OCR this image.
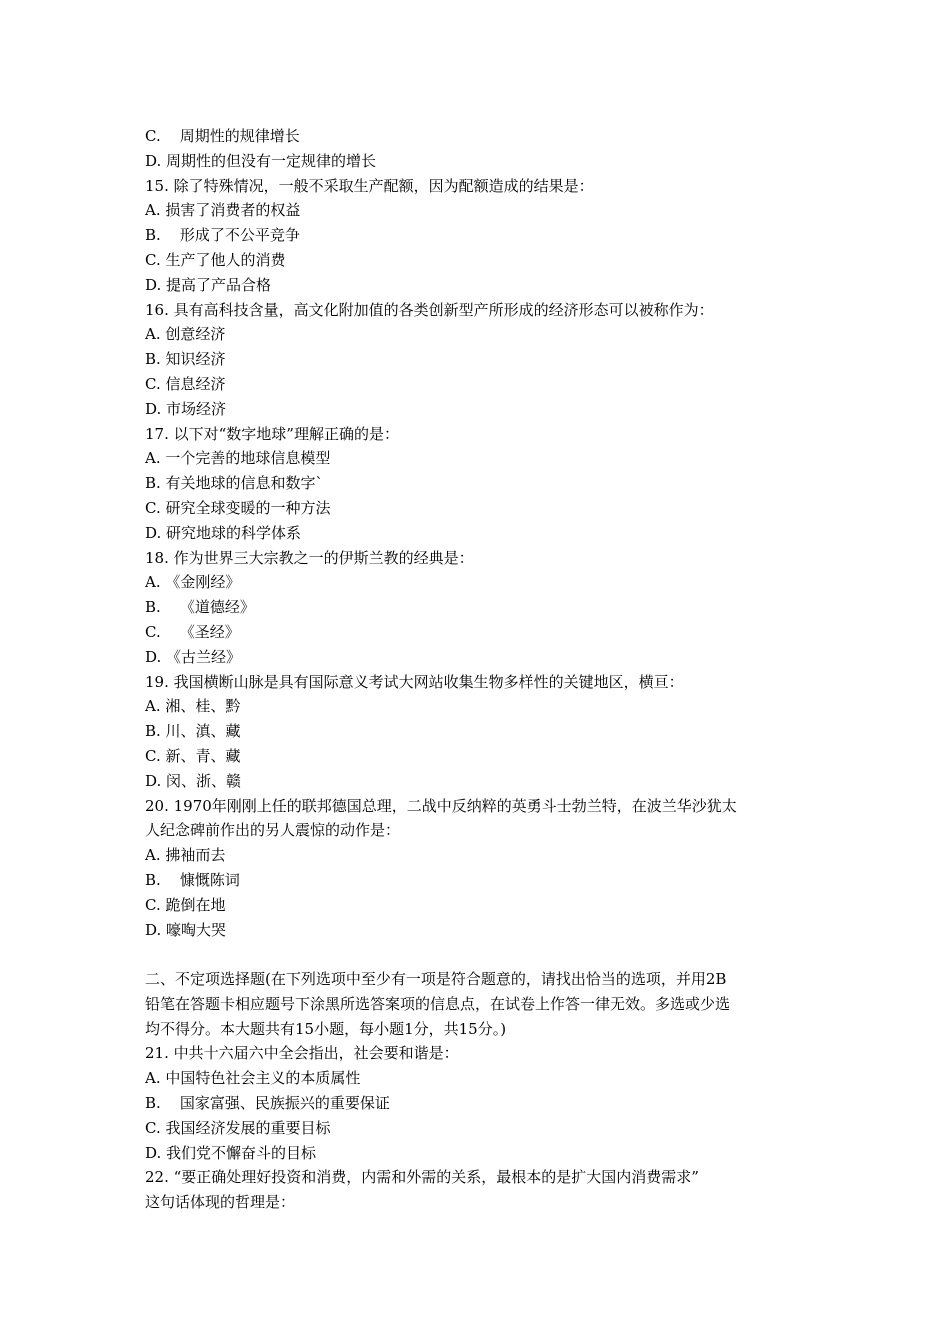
C.    周期性的规律增长
D. 周期性的但没有一定规律的增长
15. 除了特殊情况，一般不采取生产配额，因为配额造成的结果是：
A. 损害了消费者的权益
B.    形成了不公平竞争
C. 生产了他人的消费
D. 提高了产品合格
16. 具有高科技含量，高文化附加值的各类创新型产所形成的经济形态可以被称作为：
A. 创意经济
B. 知识经济
C. 信息经济
D. 市场经济
17. 以下对“数字地球”理解正确的是：
A. 一个完善的地球信息模型
B. 有关地球的信息和数字`
C. 研究全球变暖的一种方法
D. 研究地球的科学体系
18. 作为世界三大宗教之一的伊斯兰教的经典是：
A. 《金刚经》
B.    《道德经》
C.    《圣经》
D. 《古兰经》
19. 我国横断山脉是具有国际意义考试大网站收集生物多样性的关键地区，横亘：
A. 湘、桂、黔
B. 川、滇、藏
C. 新、青、藏
D. 闵、浙、赣
20. 1970年刚刚上任的联邦德国总理，二战中反纳粹的英勇斗士勃兰特，在波兰华沙犹太
人纪念碑前作出的另人震惊的动作是：
A. 拂袖而去
B.    慷慨陈词
C. 跪倒在地
D. 嚎啕大哭
二、不定项选择题(在下列选项中至少有一项是符合题意的，请找出恰当的选项，并用2B
铅笔在答题卡相应题号下涂黑所选答案项的信息点，在试卷上作答一律无效。多选或少选
均不得分。本大题共有15小题，每小题1分，共15分。)
21. 中共十六届六中全会指出，社会要和谐是：
A. 中国特色社会主义的本质属性
B.    国家富强、民族振兴的重要保证
C. 我国经济发展的重要目标
D. 我们党不懈奋斗的目标
22. “要正确处理好投资和消费，内需和外需的关系，最根本的是扩大国内消费需求”
这句话体现的哲理是：
